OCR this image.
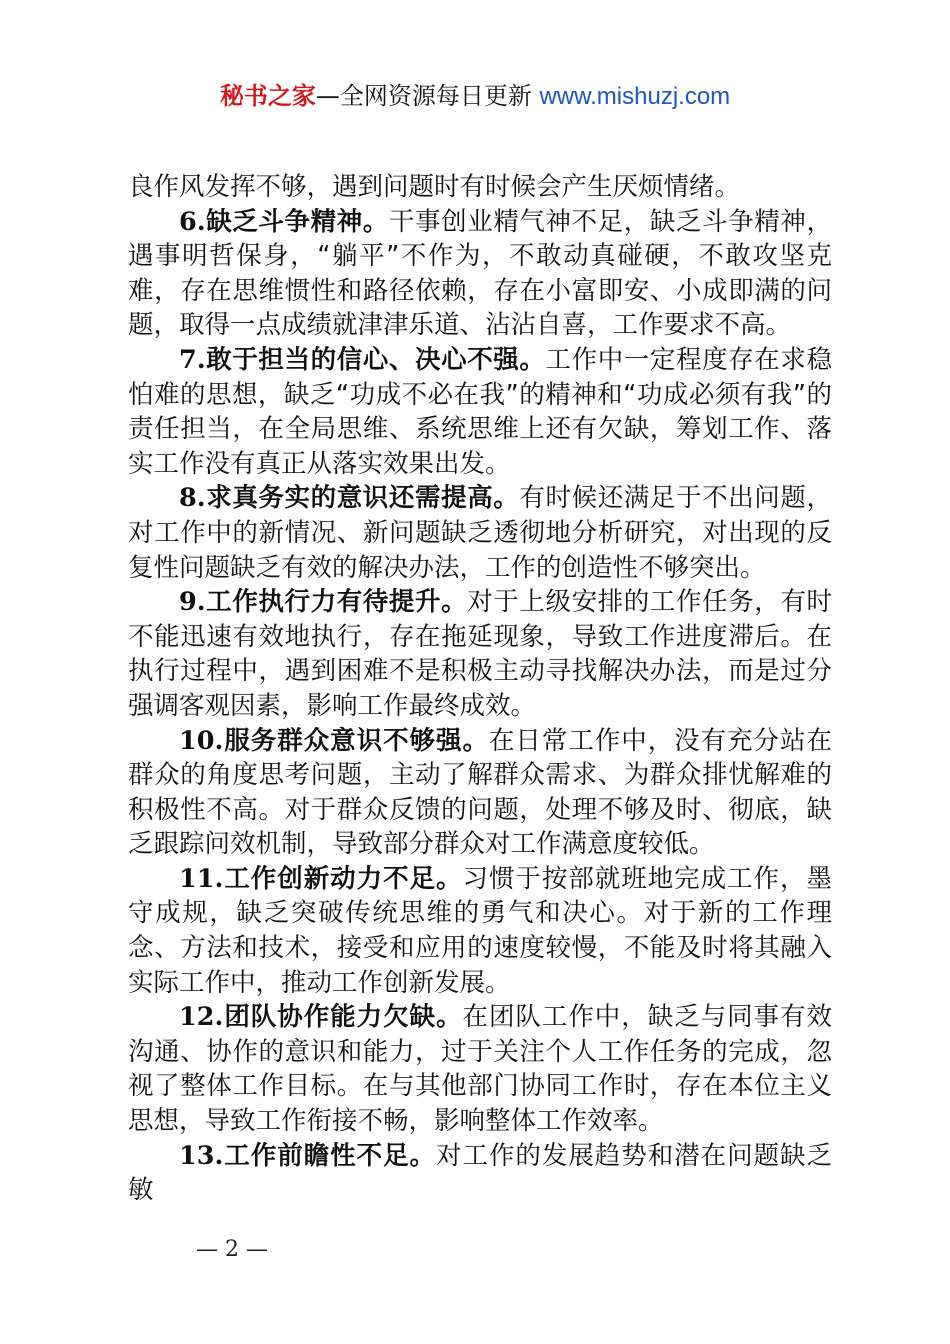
秘书之家—全网资源每日更新 www.mishuzj.com

良作风发挥不够，遇到问题时有时候会产生厌烦情绪。

6.缺乏斗争精神。干事创业精气神不足，缺乏斗争精神，遇事明哲保身，“躺平”不作为，不敢动真碰硬，不敢攻坚克难，存在思维惯性和路径依赖，存在小富即安、小成即满的问题，取得一点成绩就津津乐道、沾沾自喜，工作要求不高。

7.敢于担当的信心、决心不强。工作中一定程度存在求稳怕难的思想，缺乏“功成不必在我”的精神和“功成必须有我”的责任担当，在全局思维、系统思维上还有欠缺，筹划工作、落实工作没有真正从落实效果出发。

8.求真务实的意识还需提高。有时候还满足于不出问题，对工作中的新情况、新问题缺乏透彻地分析研究，对出现的反复性问题缺乏有效的解决办法，工作的创造性不够突出。

9.工作执行力有待提升。对于上级安排的工作任务，有时不能迅速有效地执行，存在拖延现象，导致工作进度滞后。在执行过程中，遇到困难不是积极主动寻找解决办法，而是过分强调客观因素，影响工作最终成效。

10.服务群众意识不够强。在日常工作中，没有充分站在群众的角度思考问题，主动了解群众需求、为群众排忧解难的积极性不高。对于群众反馈的问题，处理不够及时、彻底，缺乏跟踪问效机制，导致部分群众对工作满意度较低。

11.工作创新动力不足。习惯于按部就班地完成工作，墨守成规，缺乏突破传统思维的勇气和决心。对于新的工作理念、方法和技术，接受和应用的速度较慢，不能及时将其融入实际工作中，推动工作创新发展。

12.团队协作能力欠缺。在团队工作中，缺乏与同事有效沟通、协作的意识和能力，过于关注个人工作任务的完成，忽视了整体工作目标。在与其他部门协同工作时，存在本位主义思想，导致工作衔接不畅，影响整体工作效率。

13.工作前瞻性不足。对工作的发展趋势和潜在问题缺乏敏

— 2 —
